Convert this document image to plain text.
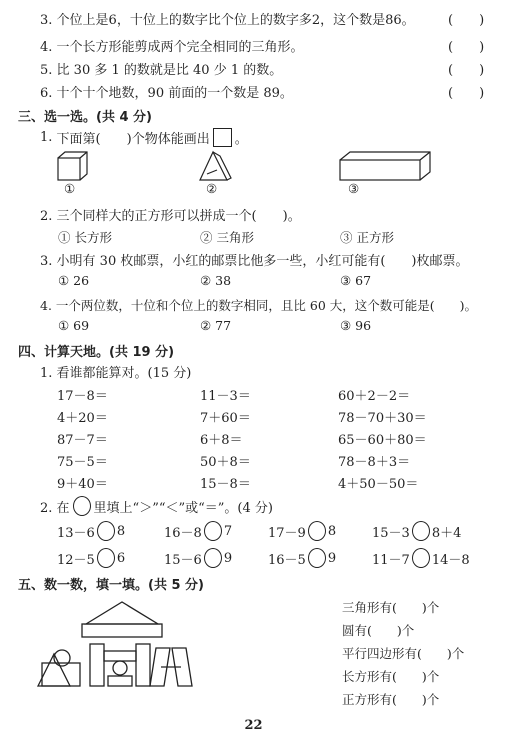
3. 个位上是6，十位上的数字比个位上的数字多2，这个数是86。	(　　)
4. 一个长方形能剪成两个完全相同的三角形。	(　　)
5. 比 30 多 1 的数就是比 40 少 1 的数。	(　　)
6. 十个十个地数，90 前面的一个数是 89。	(　　)
三、选一选。(共 4 分)
1.
下面第(　　)个物体能画出 。
①	②	③
2. 三个同样大的正方形可以拼成一个(　　)。
① 长方形	② 三角形	③ 正方形
3. 小明有 30 枚邮票，小红的邮票比他多一些，小红可能有(　　)枚邮票。
① 26	② 38	③ 67
4. 一个两位数，十位和个位上的数字相同，且比 60 大，这个数可能是(　　)。
① 69	② 77	③ 96
四、计算天地。(共 19 分)
1. 看谁都能算对。(15 分)
17－8＝	11－3＝	60＋2－2＝
4＋20＝	7＋60＝	78－70＋30＝
87－7＝	6＋8＝	65－60＋80＝
75－5＝	50＋8＝	78－8＋3＝
9＋40＝	15－8＝	4＋50－50＝
2. 在 里填上“＞”“＜”或“＝”。(4 分)
13－6 8	16－8 7	17－9 8	15－3 8＋4
12－5 6	15－6 9	16－5 9	11－7 14－8
五、数一数，填一填。(共 5 分)
三角形有(　　)个
圆有(　　)个
平行四边形有(　　)个
长方形有(　　)个
正方形有(　　)个
22
